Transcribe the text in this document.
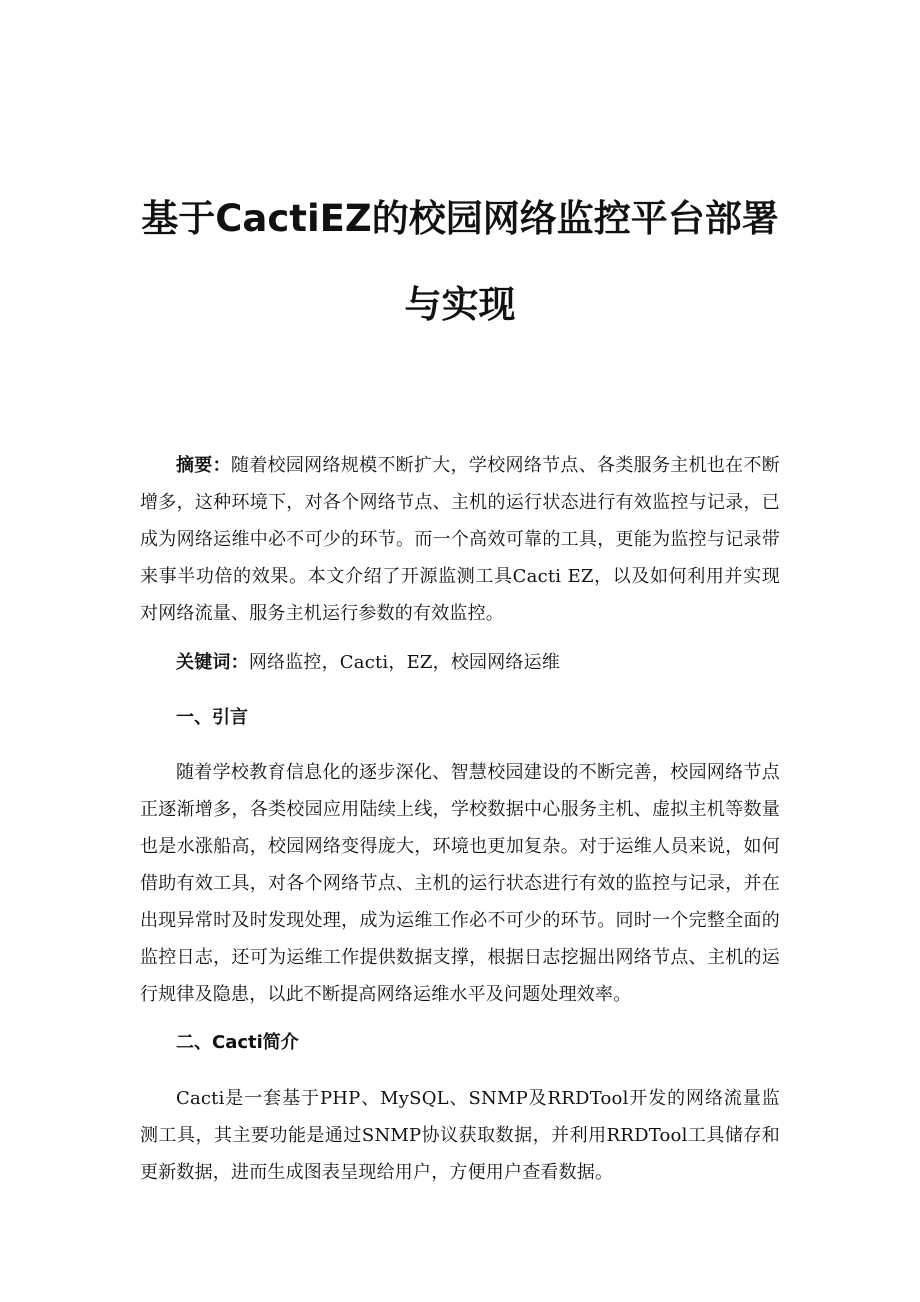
基于CactiEZ的校园网络监控平台部署
与实现

摘要：随着校园网络规模不断扩大，学校网络节点、各类服务主机也在不断增多，这种环境下，对各个网络节点、主机的运行状态进行有效监控与记录，已成为网络运维中必不可少的环节。而一个高效可靠的工具，更能为监控与记录带来事半功倍的效果。本文介绍了开源监测工具Cacti EZ，以及如何利用并实现对网络流量、服务主机运行参数的有效监控。

关键词：网络监控，Cacti，EZ，校园网络运维

一、引言

随着学校教育信息化的逐步深化、智慧校园建设的不断完善，校园网络节点正逐渐增多，各类校园应用陆续上线，学校数据中心服务主机、虚拟主机等数量也是水涨船高，校园网络变得庞大，环境也更加复杂。对于运维人员来说，如何借助有效工具，对各个网络节点、主机的运行状态进行有效的监控与记录，并在出现异常时及时发现处理，成为运维工作必不可少的环节。同时一个完整全面的监控日志，还可为运维工作提供数据支撑，根据日志挖掘出网络节点、主机的运行规律及隐患，以此不断提高网络运维水平及问题处理效率。

二、Cacti简介

Cacti是一套基于PHP、MySQL、SNMP及RRDTool开发的网络流量监测工具，其主要功能是通过SNMP协议获取数据，并利用RRDTool工具储存和更新数据，进而生成图表呈现给用户，方便用户查看数据。
